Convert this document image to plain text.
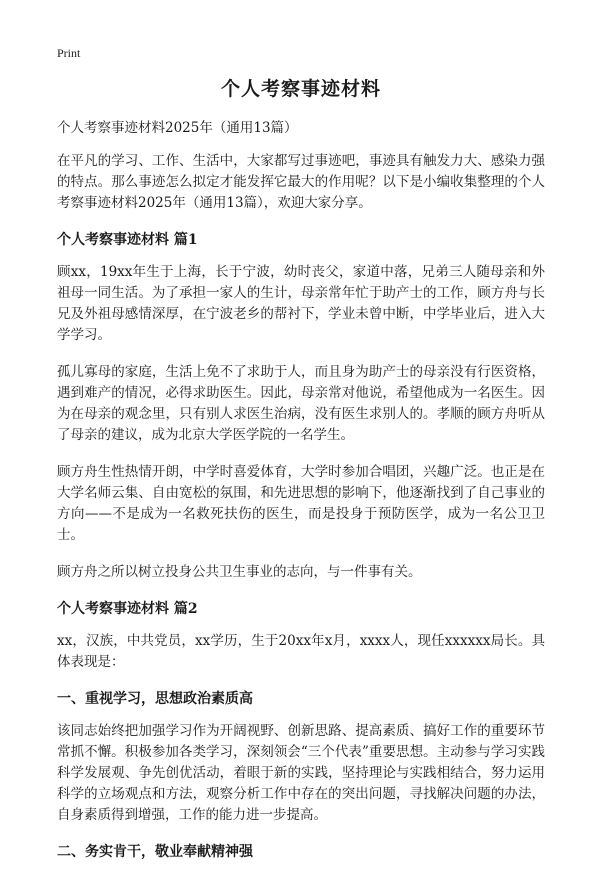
Print
个人考察事迹材料

个人考察事迹材料2025年（通用13篇）

在平凡的学习、工作、生活中，大家都写过事迹吧，事迹具有触发力大、感染力强的特点。那么事迹怎么拟定才能发挥它最大的作用呢？以下是小编收集整理的个人考察事迹材料2025年（通用13篇），欢迎大家分享。

个人考察事迹材料 篇1

顾xx，19xx年生于上海，长于宁波，幼时丧父，家道中落，兄弟三人随母亲和外祖母一同生活。为了承担一家人的生计，母亲常年忙于助产士的工作，顾方舟与长兄及外祖母感情深厚，在宁波老乡的帮衬下，学业未曾中断，中学毕业后，进入大学学习。

孤儿寡母的家庭，生活上免不了求助于人，而且身为助产士的母亲没有行医资格，遇到难产的情况，必得求助医生。因此，母亲常对他说，希望他成为一名医生。因为在母亲的观念里，只有别人求医生治病，没有医生求别人的。孝顺的顾方舟听从了母亲的建议，成为北京大学医学院的一名学生。

顾方舟生性热情开朗，中学时喜爱体育，大学时参加合唱团，兴趣广泛。也正是在大学名师云集、自由宽松的氛围，和先进思想的影响下，他逐渐找到了自己事业的方向——不是成为一名救死扶伤的医生，而是投身于预防医学，成为一名公卫卫士。

顾方舟之所以树立投身公共卫生事业的志向，与一件事有关。

个人考察事迹材料 篇2

xx，汉族，中共党员，xx学历，生于20xx年x月，xxxx人，现任xxxxxx局长。具体表现是：

一、重视学习，思想政治素质高

该同志始终把加强学习作为开阔视野、创新思路、提高素质、搞好工作的重要环节常抓不懈。积极参加各类学习，深刻领会“三个代表”重要思想。主动参与学习实践科学发展观、争先创优活动，着眼于新的实践，坚持理论与实践相结合，努力运用科学的立场观点和方法，观察分析工作中存在的突出问题，寻找解决问题的办法，自身素质得到增强，工作的能力进一步提高。

二、务实肯干，敬业奉献精神强
